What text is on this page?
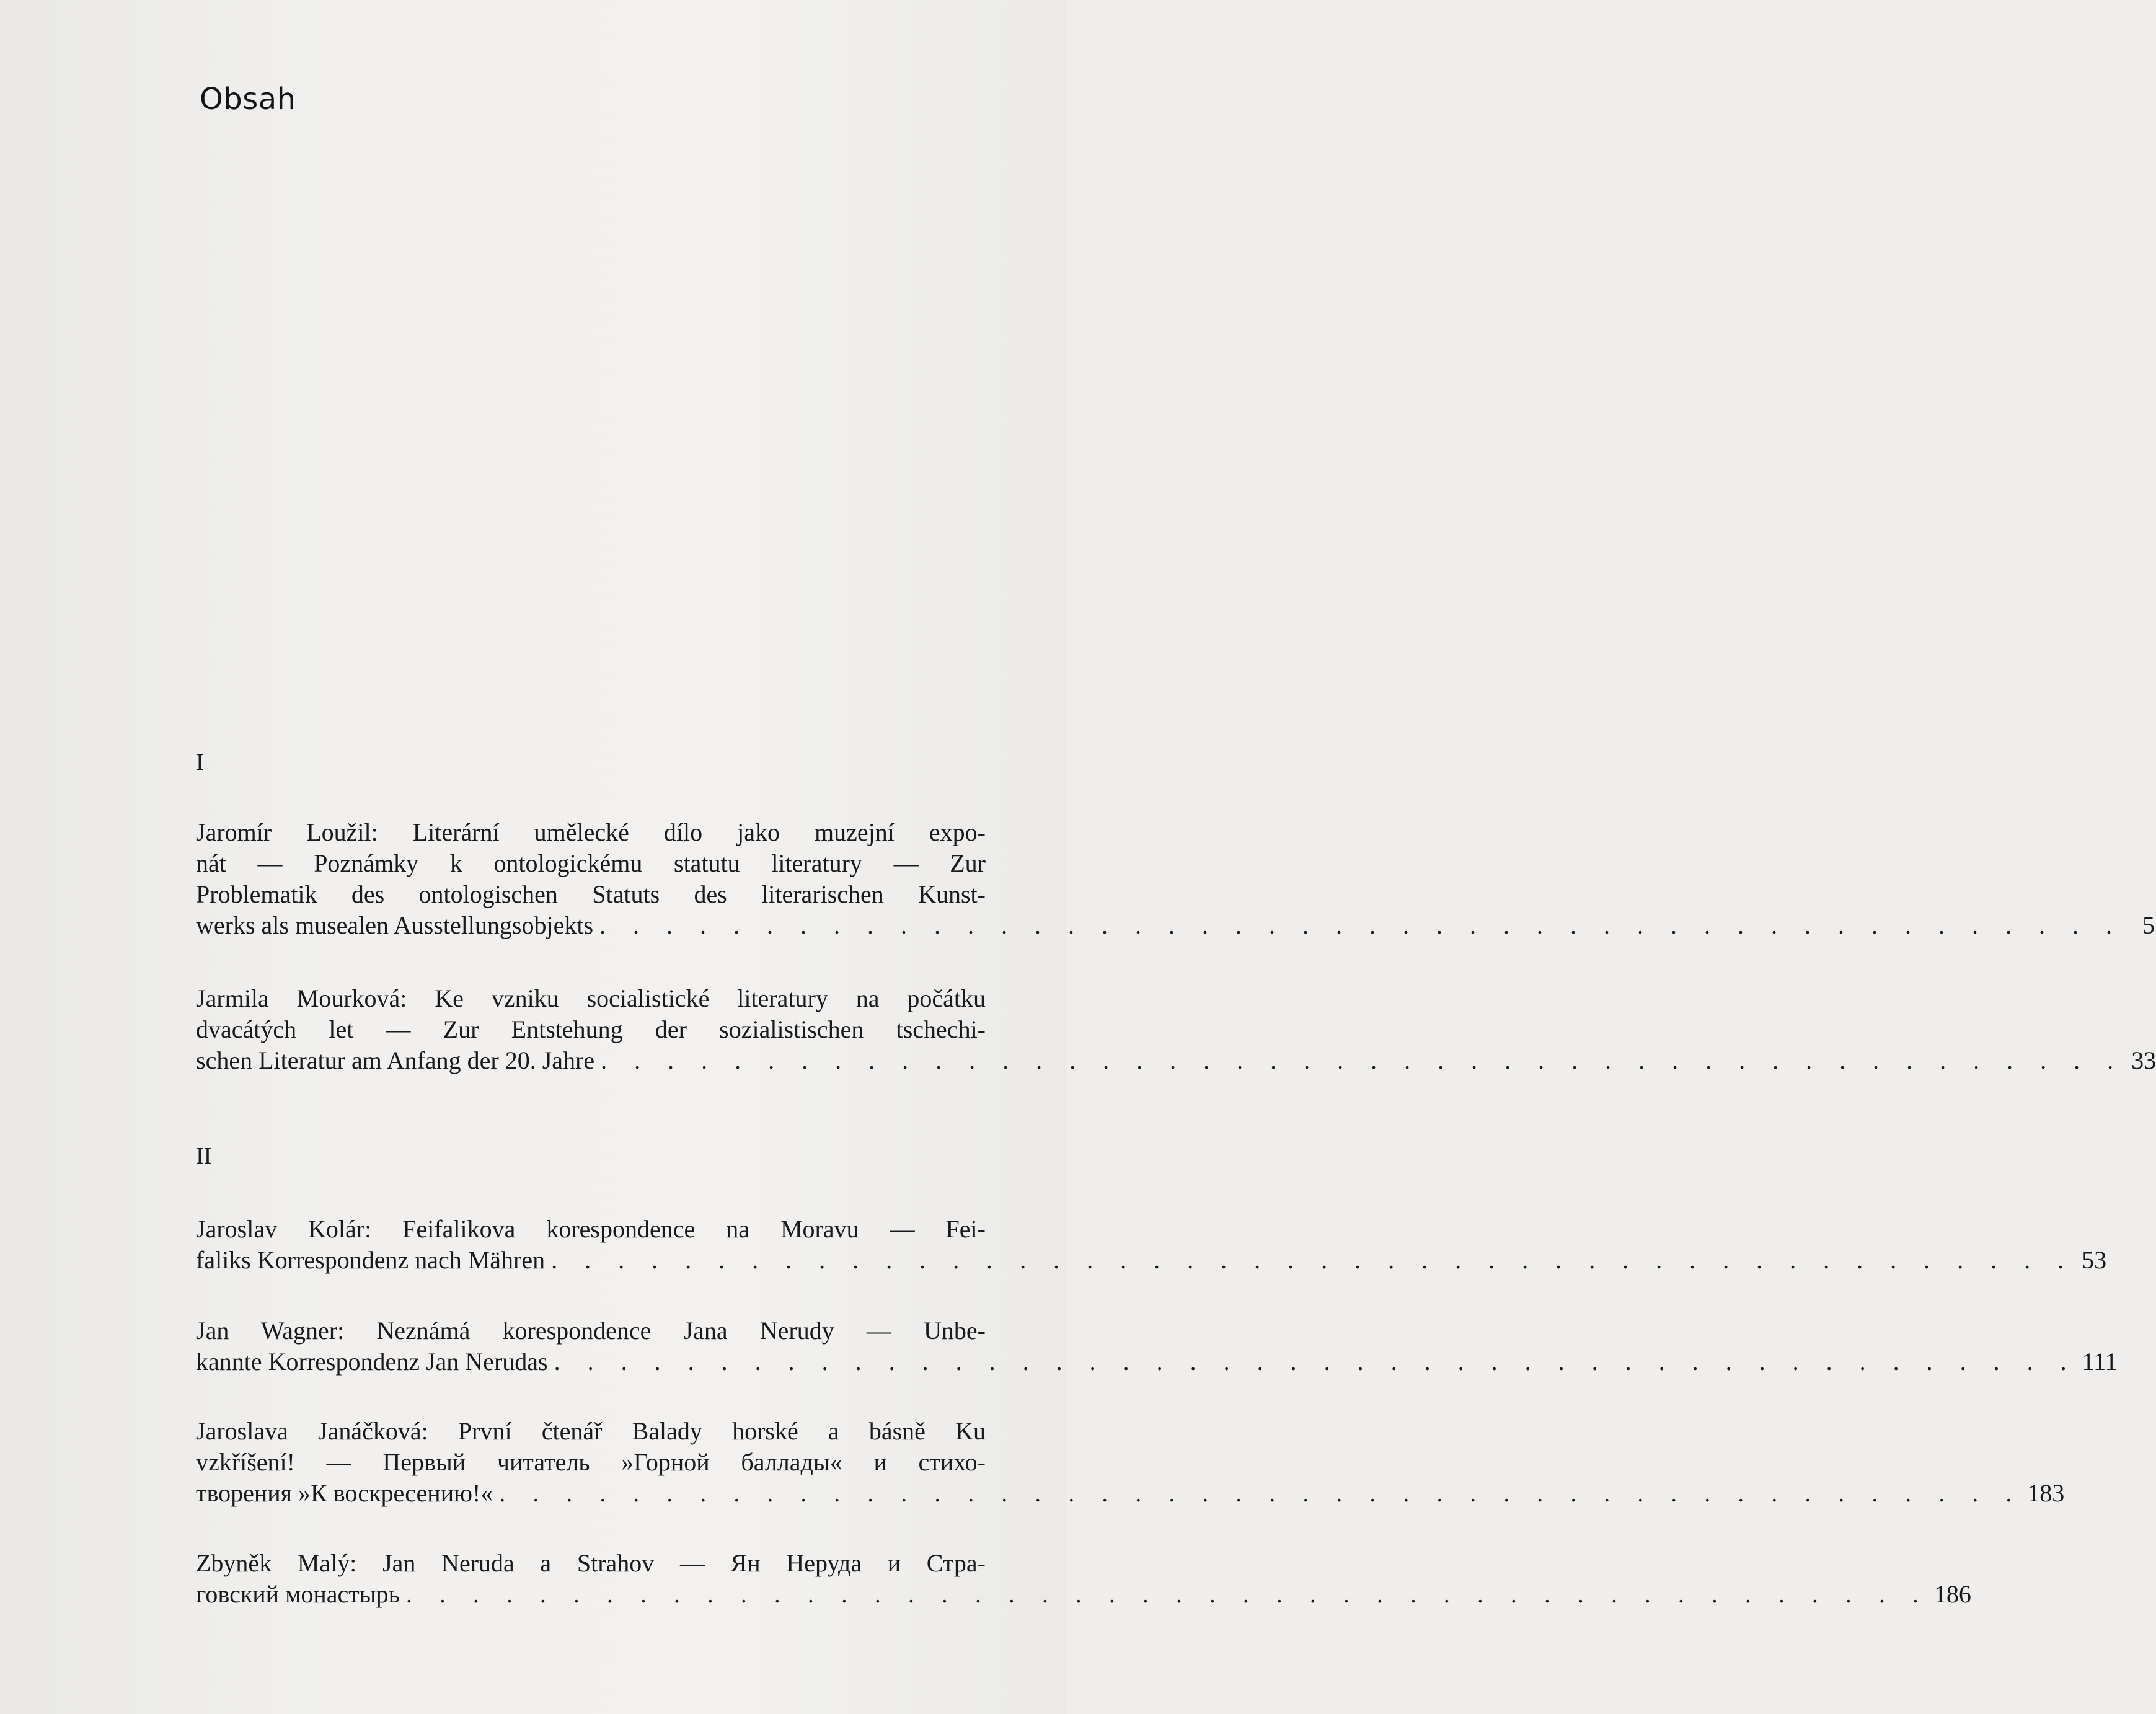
Obsah
I
Jaromír Loužil: Literární umělecké dílo jako muzejní expo-
nát — Poznámky k ontologickému statutu literatury — Zur
Problematik des ontologischen Statuts des literarischen Kunst-
werks als musealen Ausstellungsobjekts . . . . . . . . . . . . . . . . . . . . . . . . . . . . . . . . . . . . . . . . . . . . . . 5
Jarmila Mourková: Ke vzniku socialistické literatury na počátku
dvacátých let — Zur Entstehung der sozialistischen tschechi-
schen Literatur am Anfang der 20. Jahre . . . . . . . . . . . . . . . . . . . . . . . . . . . . . . . . . . . . . . . . . . . . . . 33
II
Jaroslav Kolár: Feifalikova korespondence na Moravu — Fei-
faliks Korrespondenz nach Mähren . . . . . . . . . . . . . . . . . . . . . . . . . . . . . . . . . . . . . . . . . . . . . . 53
Jan Wagner: Neznámá korespondence Jana Nerudy — Unbe-
kannte Korrespondenz Jan Nerudas . . . . . . . . . . . . . . . . . . . . . . . . . . . . . . . . . . . . . . . . . . . . . . 111
Jaroslava Janáčková: První čtenář Balady horské a básně Ku
vzkříšení! — Первый читатель »Горной баллады« и стихо-
творения »К воскресению!« . . . . . . . . . . . . . . . . . . . . . . . . . . . . . . . . . . . . . . . . . . . . . . 183
Zbyněk Malý: Jan Neruda a Strahov — Ян Неруда и Стра-
говский монастырь . . . . . . . . . . . . . . . . . . . . . . . . . . . . . . . . . . . . . . . . . . . . . . 186
